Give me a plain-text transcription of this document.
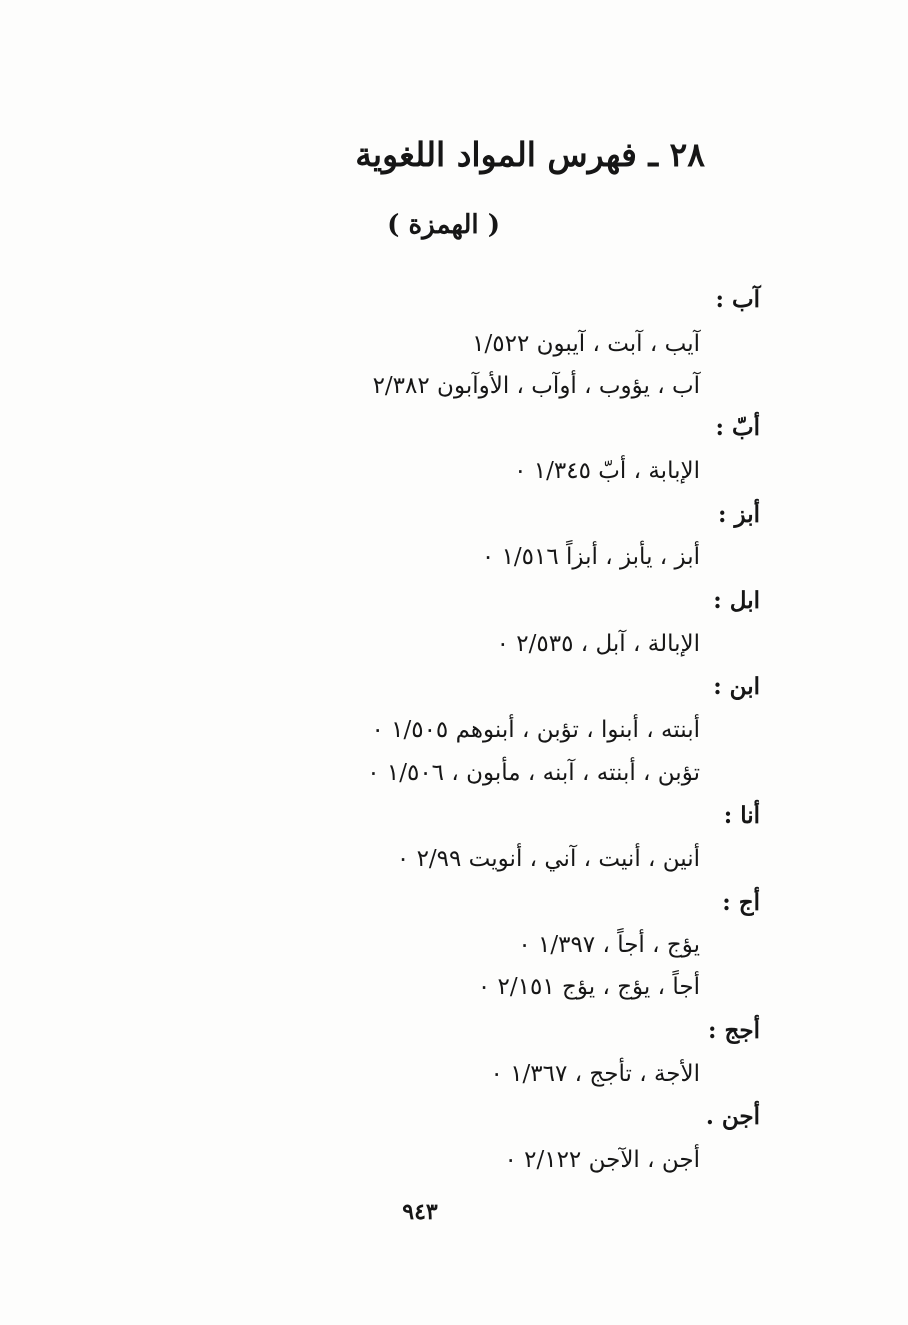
٢٨ ـ فهرس المواد اللغوية
( الهمزة )
آب :
آيب ، آبت ، آيبون ١/٥٢٢
آب ، يؤوب ، أوآب ، الأوآبون ٢/٣٨٢
أبّ :
الإبابة ، أبّ ١/٣٤٥ ٠
أبز :
أبز ، يأبز ، أبزاً ١/٥١٦ ٠
ابل :
الإبالة ، آبل ، ٢/٥٣٥ ٠
ابن :
أبنته ، أبنوا ، تؤبن ، أبنوهم ١/٥٠٥ ٠
تؤبن ، أبنته ، آبنه ، مأبون ، ١/٥٠٦ ٠
أنا :
أنين ، أنيت ، آني ، أنويت ٢/٩٩ ٠
أج :
يؤج ، أجاً ، ١/٣٩٧ ٠
أجاً ، يؤج ، يؤج ٢/١٥١ ٠
أجج :
الأجة ، تأجج ، ١/٣٦٧ ٠
أجن .
أجن ، الآجن ٢/١٢٢ ٠
٩٤٣
